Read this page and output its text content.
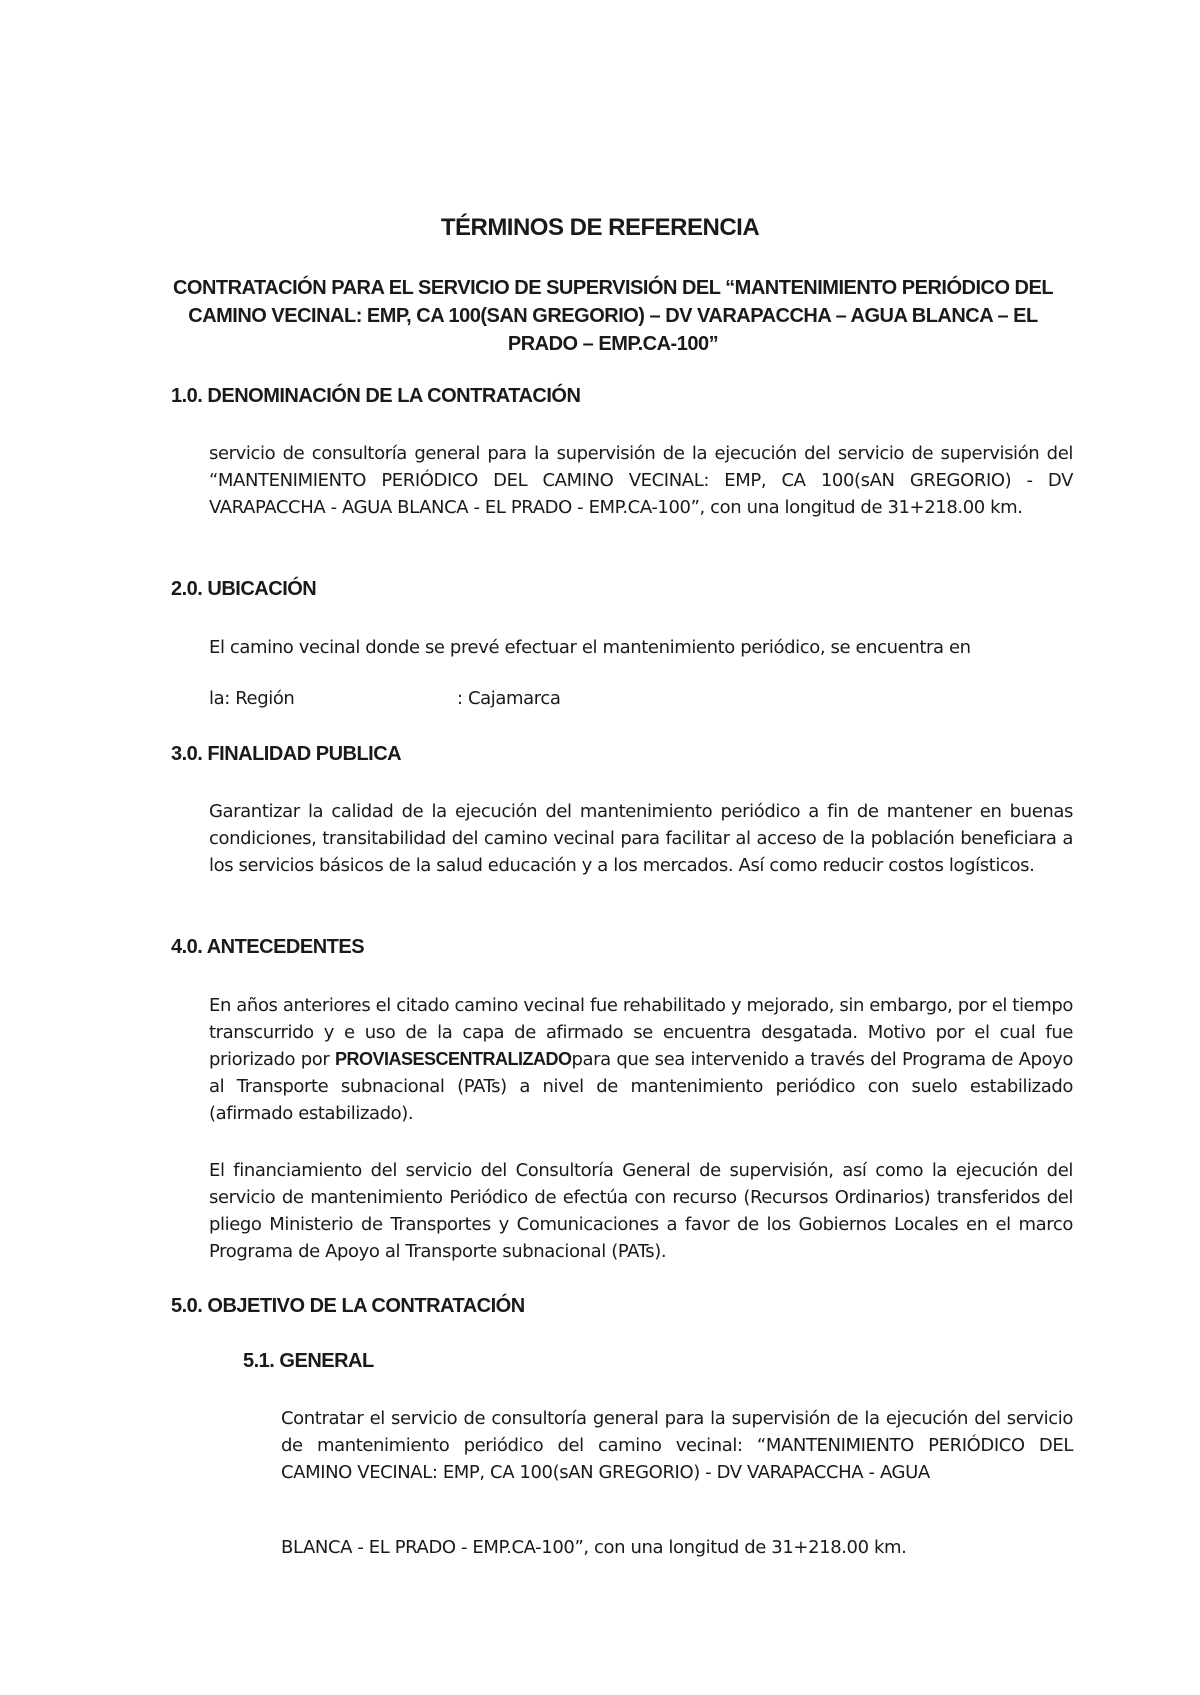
TÉRMINOS DE REFERENCIA
CONTRATACIÓN PARA EL SERVICIO DE SUPERVISIÓN DEL “MANTENIMIENTO PERIÓDICO DEL CAMINO VECINAL: EMP, CA 100(SAN GREGORIO) – DV VARAPACCHA – AGUA BLANCA – EL PRADO – EMP.CA-100”
1.0. DENOMINACIÓN DE LA CONTRATACIÓN
servicio de consultoría general para la supervisión de la ejecución del servicio de supervisión del “MANTENIMIENTO PERIÓDICO DEL CAMINO VECINAL: EMP, CA 100(sAN GREGORIO) - DV VARAPACCHA - AGUA BLANCA - EL PRADO - EMP.CA-100”, con una longitud de 31+218.00 km.
2.0. UBICACIÓN
El camino vecinal donde se prevé efectuar el mantenimiento periódico, se encuentra en
la: Región	: Cajamarca
3.0. FINALIDAD PUBLICA
Garantizar la calidad de la ejecución del mantenimiento periódico a fin de mantener en buenas condiciones, transitabilidad del camino vecinal para facilitar al acceso de la población beneficiara a los servicios básicos de la salud educación y a los mercados. Así como reducir costos logísticos.
4.0. ANTECEDENTES
En años anteriores el citado camino vecinal fue rehabilitado y mejorado, sin embargo, por el tiempo transcurrido y e uso de la capa de afirmado se encuentra desgatada. Motivo por el cual fue priorizado por PROVIASESCENTRALIZADOpara que sea intervenido a través del Programa de Apoyo al Transporte subnacional (PATs) a nivel de mantenimiento periódico con suelo estabilizado (afirmado estabilizado).
El financiamiento del servicio del Consultoría General de supervisión, así como la ejecución del servicio de mantenimiento Periódico de efectúa con recurso (Recursos Ordinarios) transferidos del pliego Ministerio de Transportes y Comunicaciones a favor de los Gobiernos Locales en el marco Programa de Apoyo al Transporte subnacional (PATs).
5.0. OBJETIVO DE LA CONTRATACIÓN
5.1. GENERAL
Contratar el servicio de consultoría general para la supervisión de la ejecución del servicio de mantenimiento periódico del camino vecinal: “MANTENIMIENTO PERIÓDICO DEL CAMINO VECINAL: EMP, CA 100(sAN GREGORIO) - DV VARAPACCHA - AGUA
BLANCA - EL PRADO - EMP.CA-100”, con una longitud de 31+218.00 km.
